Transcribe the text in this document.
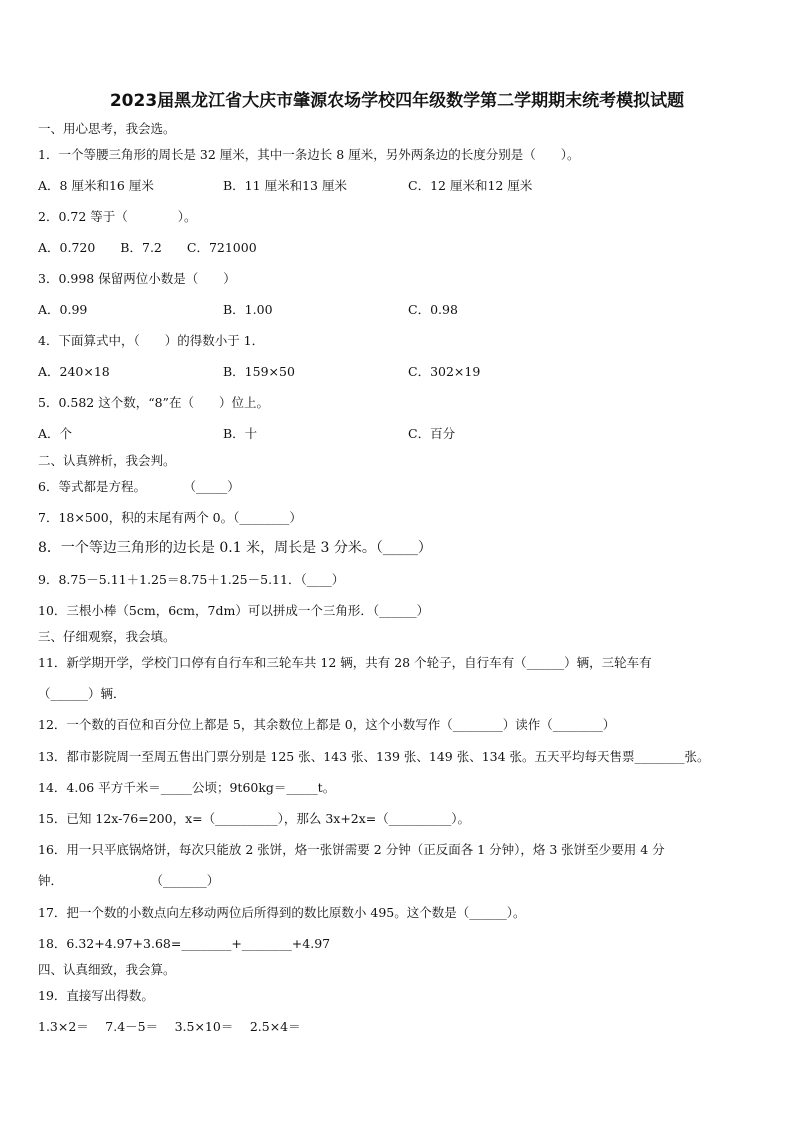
2023届黑龙江省大庆市肇源农场学校四年级数学第二学期期末统考模拟试题
一、用心思考，我会选。
1．一个等腰三角形的周长是 32 厘米，其中一条边长 8 厘米，另外两条边的长度分别是（　　）。
A．8 厘米和16 厘米	B．11 厘米和13 厘米	C．12 厘米和12 厘米
2．0.72 等于（　　　　）。
A．0.720　　B．7.2　　C．721000
3．0.998 保留两位小数是（　　）
A．0.99	B．1.00	C．0.98
4．下面算式中，（　　）的得数小于 1．
A．240×18	B．159×50	C．302×19
5．0.582 这个数，“8”在（　　）位上。
A．个	B．十	C．百分
二、认真辨析，我会判。
6．等式都是方程。　　　　（_____）
7．18×500，积的末尾有两个 0。（________）
8．一个等边三角形的边长是 0.1 米，周长是 3 分米。（_____）
9．8.75－5.11＋1.25＝8.75＋1.25－5.11．（____）
10．三根小棒（5cm，6cm，7dm）可以拼成一个三角形．（______）
三、仔细观察，我会填。
11．新学期开学，学校门口停有自行车和三轮车共 12 辆，共有 28 个轮子，自行车有（______）辆，三轮车有
（______）辆．
12．一个数的百位和百分位上都是 5，其余数位上都是 0，这个小数写作（________）读作（________）
13．都市影院周一至周五售出门票分别是 125 张、143 张、139 张、149 张、134 张。五天平均每天售票________张。
14．4.06 平方千米＝_____公顷；9t60kg＝_____t。
15．已知 12x-76=200，x=（__________），那么 3x+2x=（__________）。
16．用一只平底锅烙饼，每次只能放 2 张饼，烙一张饼需要 2 分钟（正反面各 1 分钟），烙 3 张饼至少要用 4 分
钟．　　　　　　　　（_______）
17．把一个数的小数点向左移动两位后所得到的数比原数小 495。这个数是（______）。
18．6.32+4.97+3.68=________+________+4.97
四、认真细致，我会算。
19．直接写出得数。
1.3×2＝　 7.4－5＝　 3.5×10＝　 2.5×4＝
